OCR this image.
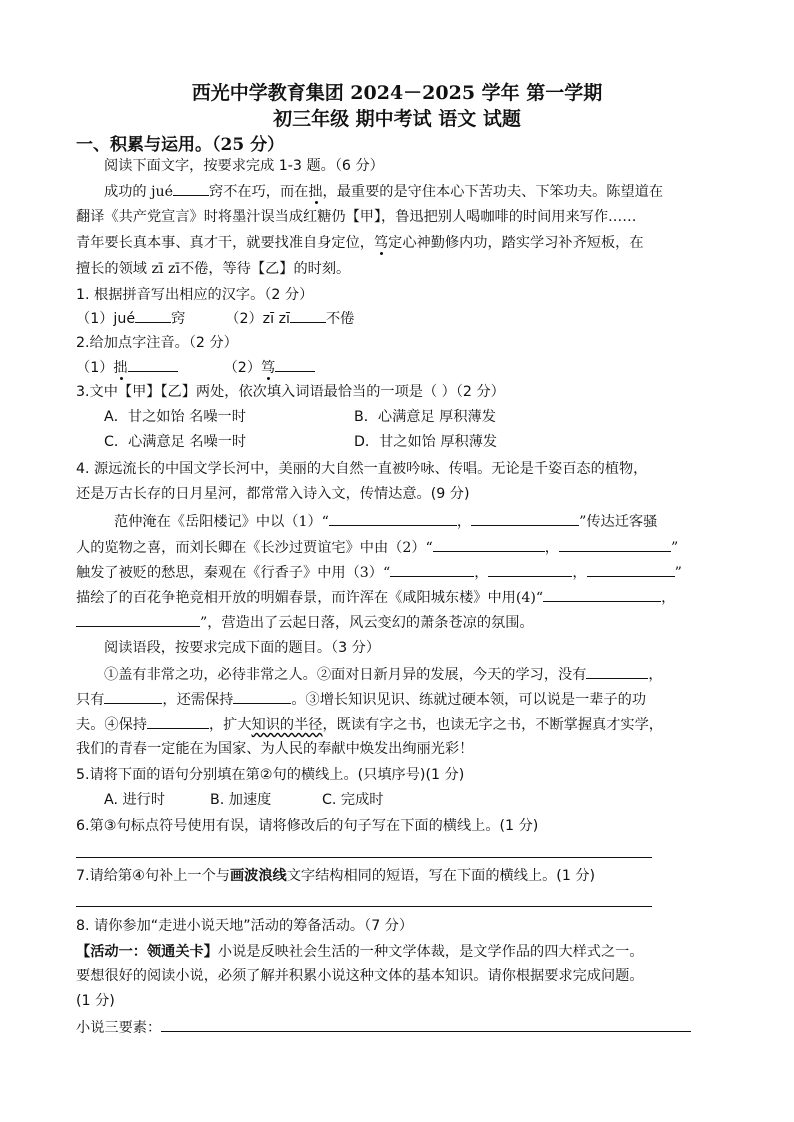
西光中学教育集团 2024－2025 学年 第一学期
初三年级 期中考试 语文 试题
一、积累与运用。（25 分）
阅读下面文字，按要求完成 1-3 题。（6 分）
成功的 jué	窍不在巧，而在拙，最重要的是守住本心下苦功夫、下笨功夫。陈望道在
翻译《共产党宣言》时将墨汁误当成红糖仍【甲】，鲁迅把别人喝咖啡的时间用来写作……
青年要长真本事、真才干，就要找准自身定位，笃定心神勤修内功，踏实学习补齐短板，在
擅长的领域 zī zī不倦，等待【乙】的时刻。
1. 根据拼音写出相应的汉字。（2 分）
（1）jué	窍	（2）zī zī	不倦
2.给加点字注音。（2 分）
（1）拙	（2）笃
3.文中【甲】【乙】两处，依次填入词语最恰当的一项是（ ）（2 分）
A．甘之如饴 名噪一时	B．心满意足 厚积薄发
C．心满意足 名噪一时	D．甘之如饴 厚积薄发
4. 源远流长的中国文学长河中，美丽的大自然一直被吟咏、传唱。无论是千姿百态的植物，
还是万古长存的日月星河，都常常入诗入文，传情达意。(9 分)
范仲淹在《岳阳楼记》中以（1）“	，	”传达迁客骚
人的览物之喜，而刘长卿在《长沙过贾谊宅》中由（2）“	，	”
触发了被贬的愁思，秦观在《行香子》中用（3）“	，	，	”
描绘了的百花争艳竞相开放的明媚春景，而许浑在《咸阳城东楼》中用(4)“	，
”，营造出了云起日落，风云变幻的萧条苍凉的氛围。
阅读语段，按要求完成下面的题目。（3 分）
①盖有非常之功，必待非常之人。②面对日新月异的发展，今天的学习，没有	，
只有	，还需保持	。③增长知识见识、练就过硬本领，可以说是一辈子的功
夫。④保持	，扩大知识的半径，既读有字之书，也读无字之书，不断掌握真才实学，
我们的青春一定能在为国家、为人民的奉献中焕发出绚丽光彩！
5.请将下面的语句分别填在第②句的横线上。(只填序号)(1 分)
A. 进行时	B. 加速度	C. 完成时
6.第③句标点符号使用有误，请将修改后的句子写在下面的横线上。(1 分)
7.请给第④句补上一个与画波浪线文字结构相同的短语，写在下面的横线上。(1 分)
8. 请你参加“走进小说天地”活动的筹备活动。（7 分）
【活动一：领通关卡】小说是反映社会生活的一种文学体裁，是文学作品的四大样式之一。
要想很好的阅读小说，必须了解并积累小说这种文体的基本知识。请你根据要求完成问题。
(1 分)
小说三要素：
